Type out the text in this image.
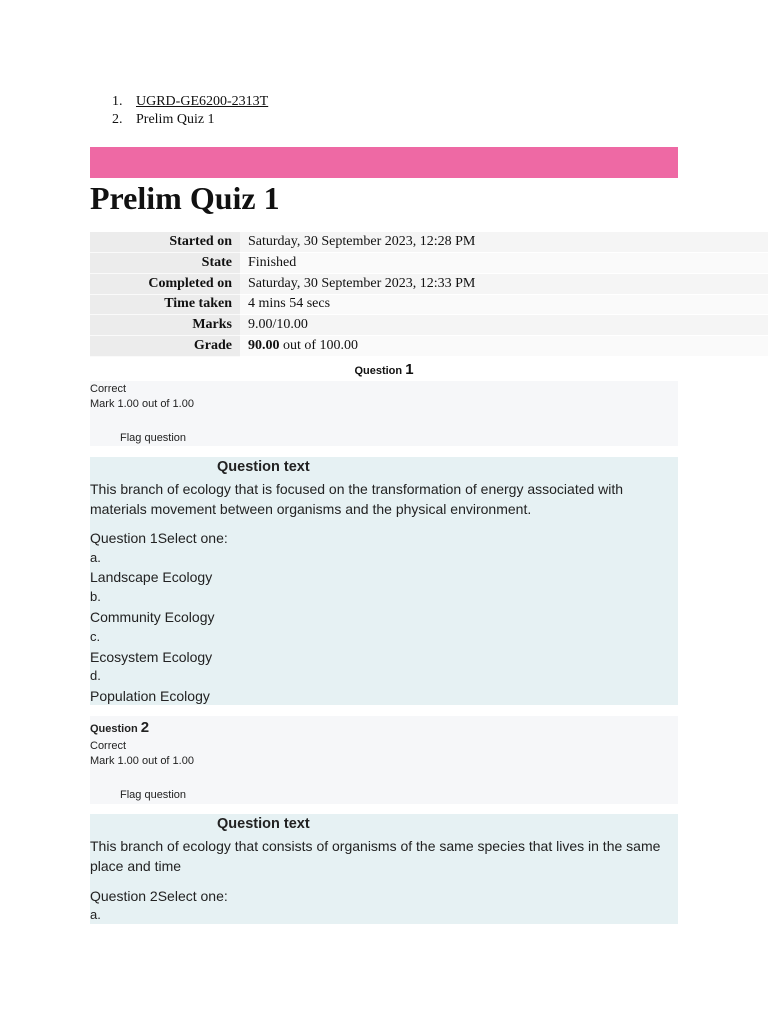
1. UGRD-GE6200-2313T
2. Prelim Quiz 1
Prelim Quiz 1
Started on	Saturday, 30 September 2023, 12:28 PM
State	Finished
Completed on	Saturday, 30 September 2023, 12:33 PM
Time taken	4 mins 54 secs
Marks	9.00/10.00
Grade	90.00 out of 100.00
Question 1
Correct
Mark 1.00 out of 1.00
Flag question
Question text
This branch of ecology that is focused on the transformation of energy associated with materials movement between organisms and the physical environment.
Question 1Select one:
a.
Landscape Ecology
b.
Community Ecology
c.
Ecosystem Ecology
d.
Population Ecology
Question 2
Correct
Mark 1.00 out of 1.00
Flag question
Question text
This branch of ecology that consists of organisms of the same species that lives in the same place and time
Question 2Select one:
a.
